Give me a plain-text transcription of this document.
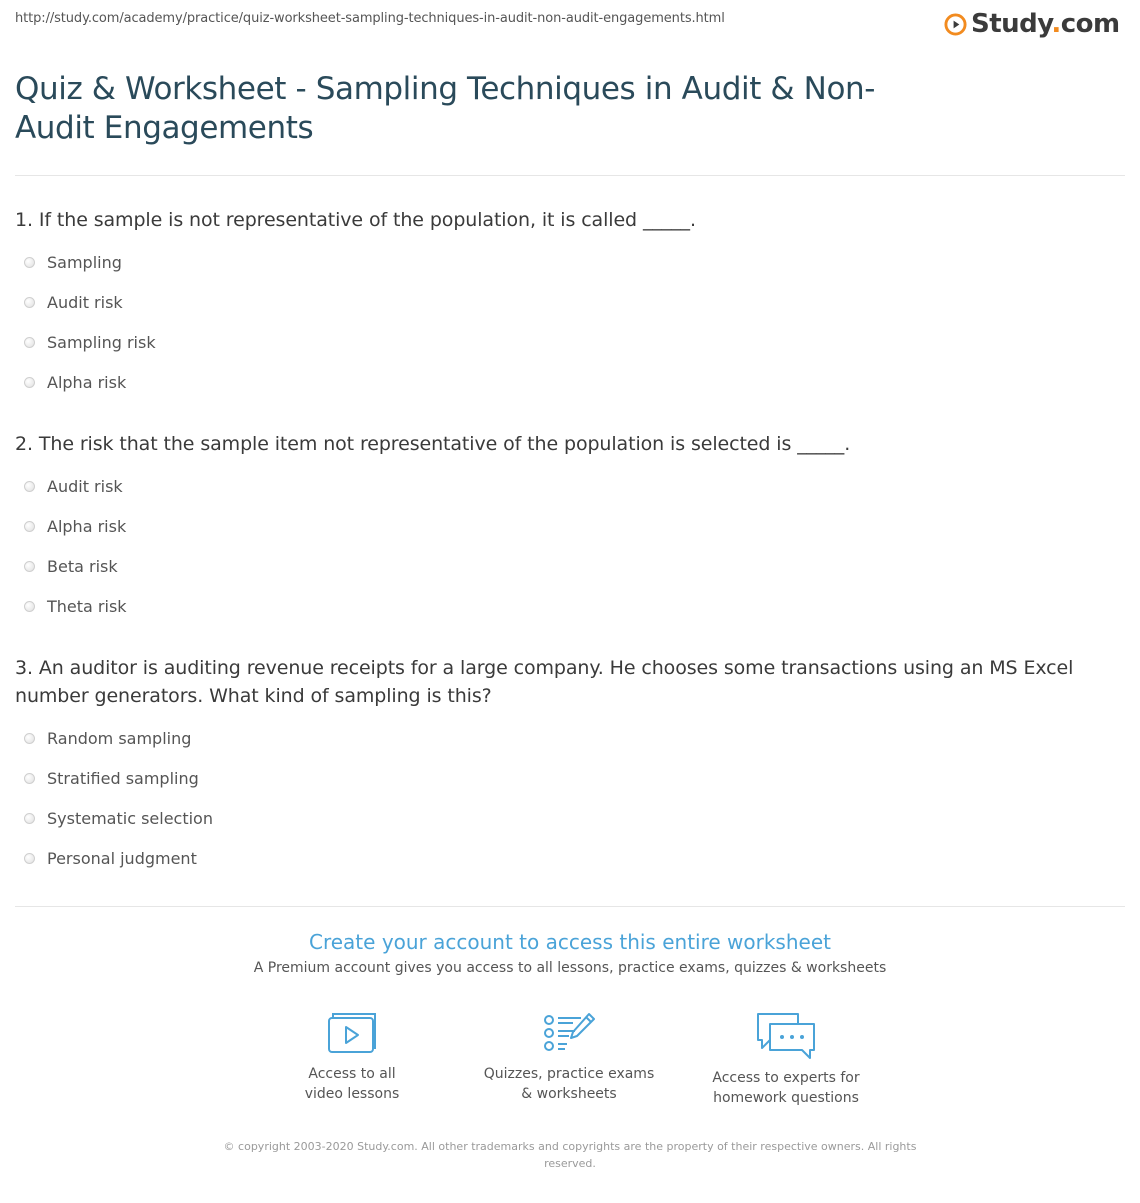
http://study.com/academy/practice/quiz-worksheet-sampling-techniques-in-audit-non-audit-engagements.html	Study.com
Quiz & Worksheet - Sampling Techniques in Audit & Non-Audit Engagements

1. If the sample is not representative of the population, it is called _____.

Sampling
Audit risk
Sampling risk
Alpha risk

2. The risk that the sample item not representative of the population is selected is _____.

Audit risk
Alpha risk
Beta risk
Theta risk

3. An auditor is auditing revenue receipts for a large company. He chooses some transactions using an MS Excel number generators. What kind of sampling is this?

Random sampling
Stratified sampling
Systematic selection
Personal judgment

Create your account to access this entire worksheet

A Premium account gives you access to all lessons, practice exams, quizzes & worksheets

Access to all
video lessons
Quizzes, practice exams
& worksheets
Access to experts for
homework questions
© copyright 2003-2020 Study.com. All other trademarks and copyrights are the property of their respective owners. All rights reserved.
